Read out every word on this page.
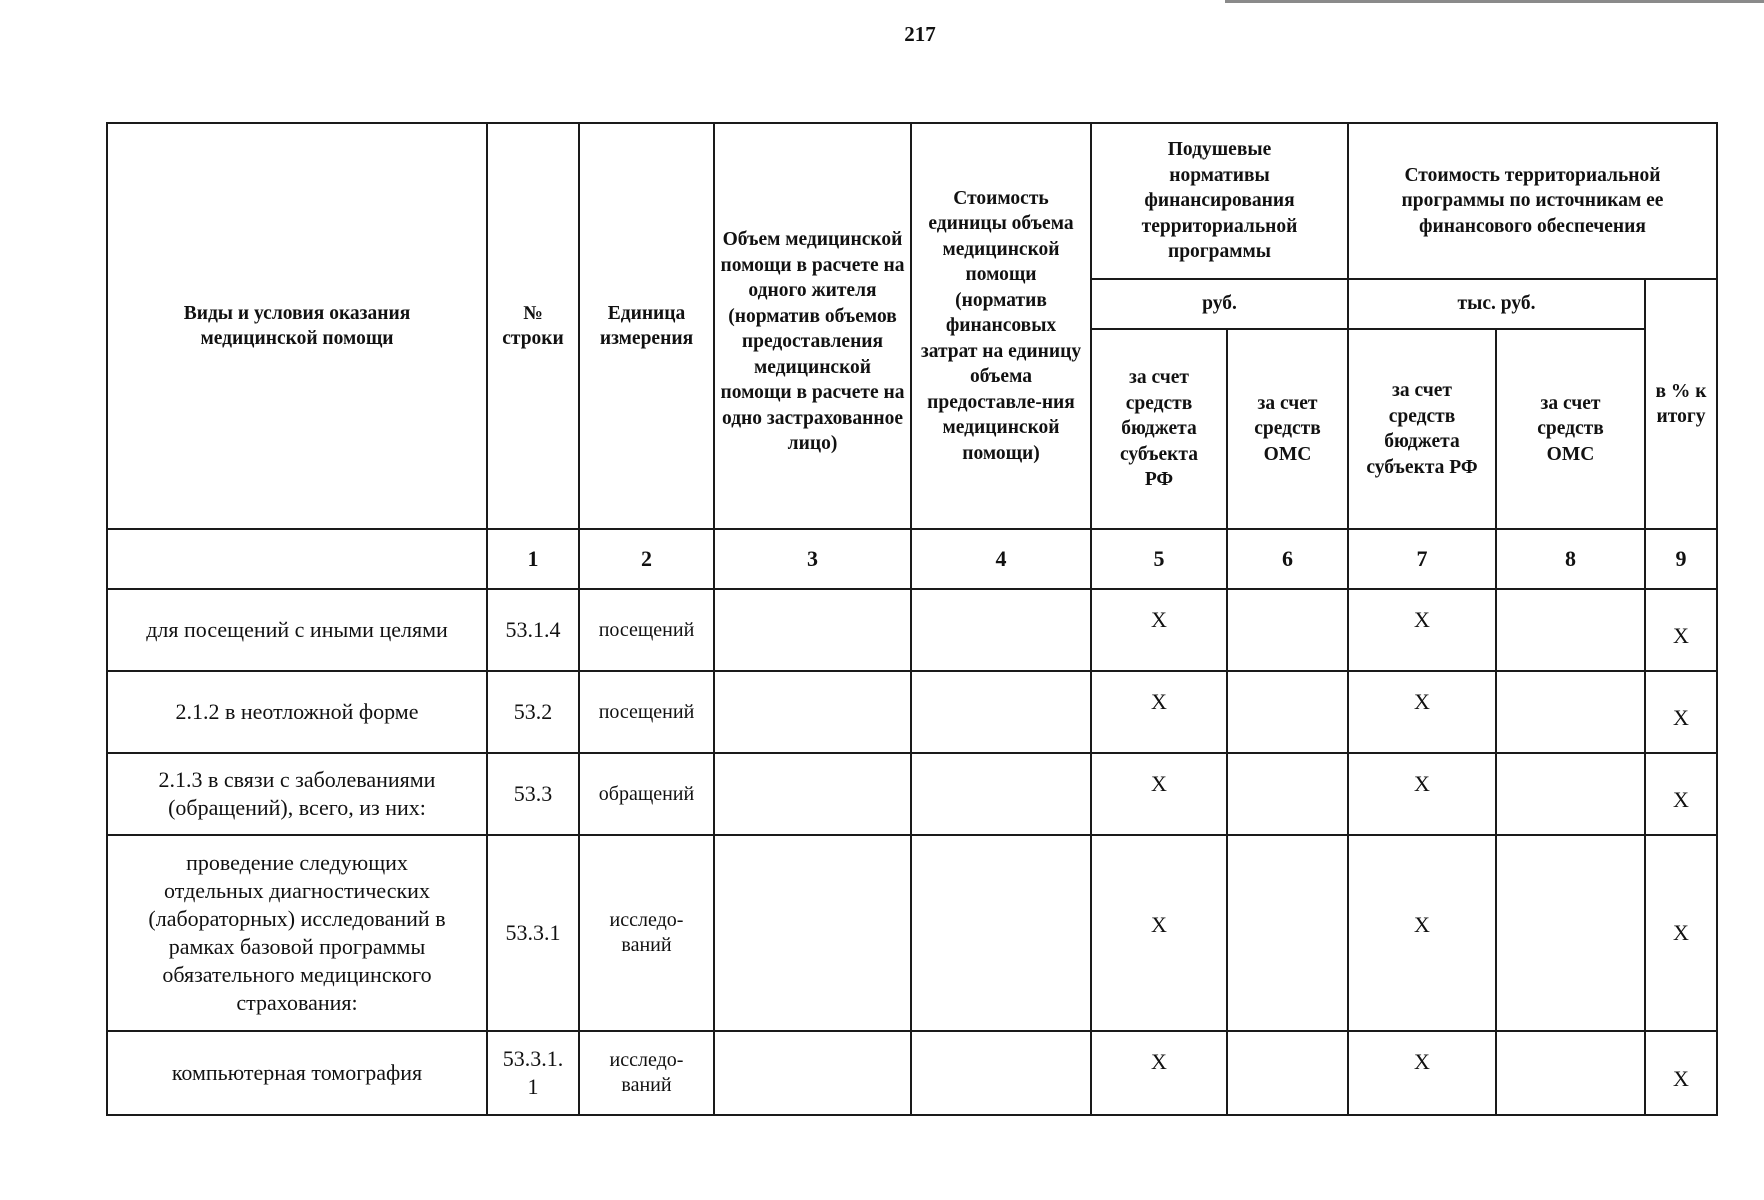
217
Виды и условия оказания медицинской помощи	№ строки	Единица измерения	Объем медицинской помощи в расчете на одного жителя (норматив объемов предоставления медицинской помощи в расчете на одно застрахованное лицо)	Стоимость единицы объема медицинской помощи (норматив финансовых затрат на единицу объема предоставле-ния медицинской помощи)	Подушевые нормативы финансирования территориальной программы		Стоимость территориальной программы по источникам ее финансового обеспечения		
					руб.		тыс. руб.		в % к итогу
					за счет средств бюджета субъекта РФ	за счет средств ОМС	за счет средств бюджета субъекта РФ	за счет средств ОМС	
	1	2	3	4	5	6	7	8	9
для посещений с иными целями	53.1.4	посещений			X		X		X
2.1.2 в неотложной форме	53.2	посещений			X		X		X
2.1.3 в связи с заболеваниями (обращений), всего, из них:	53.3	обращений			X		X		X
проведение следующих отдельных диагностических (лабораторных) исследований в рамках базовой программы обязательного медицинского страхования:	53.3.1	исследо-ваний			X		X		X
компьютерная томография	53.3.1.1	исследо-ваний			X		X		X
